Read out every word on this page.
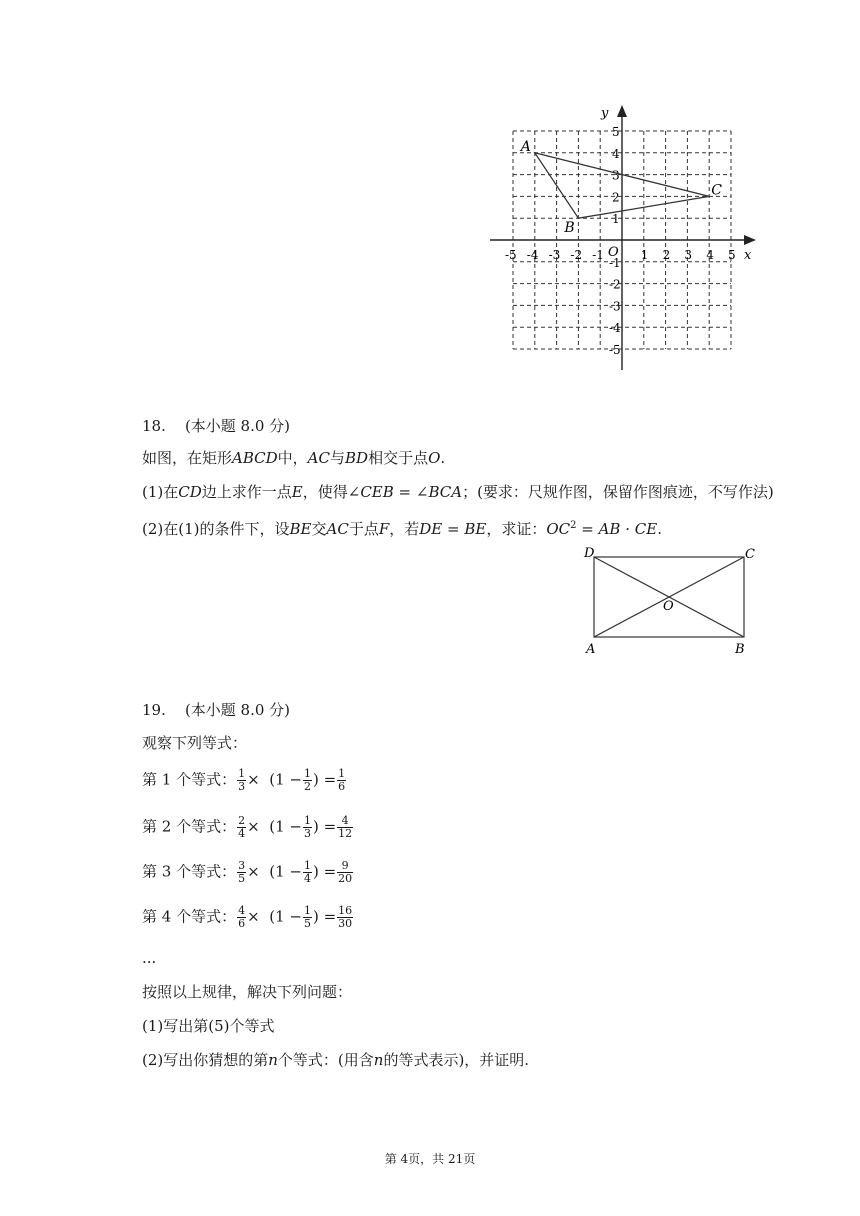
x
y
O
-5 -4 -3 -2 -1	1 2 3 4 5
5
4
3
2
1
-1
-2
-3
-4
-5
A
B
C
18. (本小题 8.0 分)
如图，在矩形ABCD中，AC与BD相交于点O.
(1)在CD边上求作一点E，使得∠CEB = ∠BCA；(要求：尺规作图，保留作图痕迹，不写作法)
(2)在(1)的条件下，设BE交AC于点F，若DE = BE，求证：$OC^2$ = AB · CE.
D	C
A	B
O
19. (本小题 8.0 分)
观察下列等式：
第 1 个等式： $\frac{1}{3} \times (1 - \frac{1}{2}$ ) = $\frac{1}{6}$
第 2 个等式： $\frac{2}{4} \times (1 - \frac{1}{3}$ ) = $\frac{4}{12}$
第 3 个等式： $\frac{3}{5} \times (1 - \frac{1}{4}$ ) = $\frac{9}{20}$
第 4 个等式： $\frac{4}{6} \times (1 - \frac{1}{5}$ ) = $\frac{16}{30}$
...
按照以上规律，解决下列问题：
(1)写出第(5)个等式
(2)写出你猜想的第n个等式：(用含n的等式表示)，并证明.
第 4页，共 21页
